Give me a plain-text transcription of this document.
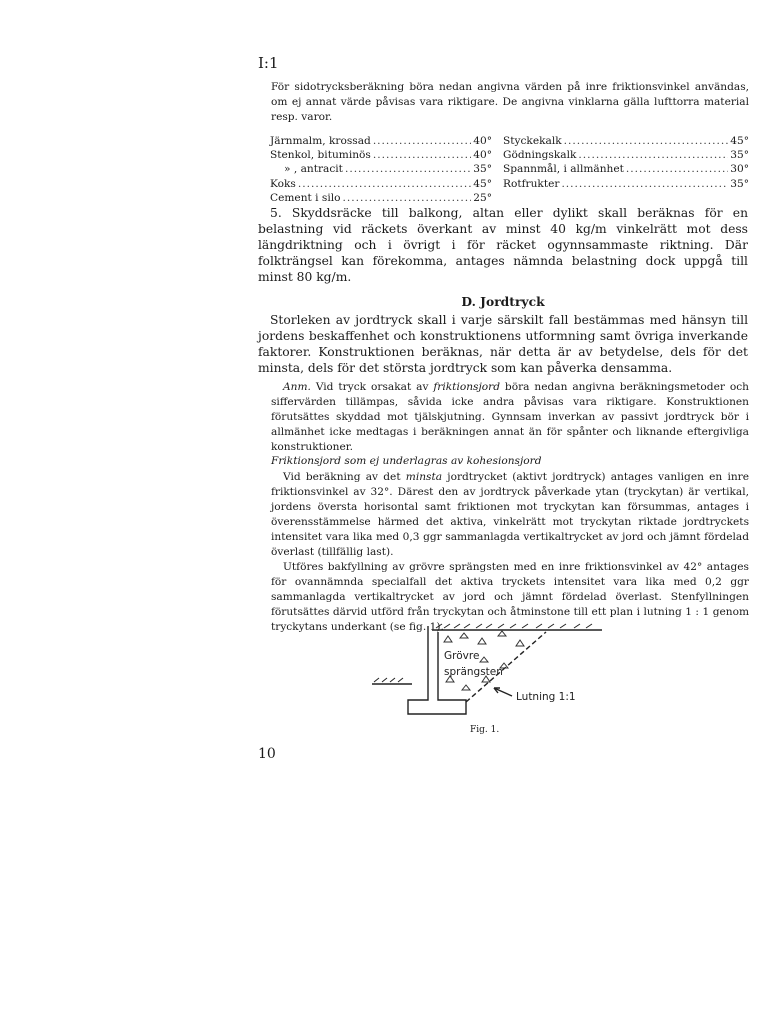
I:1

För sidotrycksberäkning böra nedan angivna värden på inre friktionsvinkel användas, om ej annat värde påvisas vara riktigare. De angivna vinklarna gälla lufttorra material resp. varor.

Järnmalm, krossad .....	40°
Stenkol, bituminös .....	40°
» , antracit .....	35°
Koks .....	45°
Cement i silo .....	25°
Styckekalk .....	45°
Gödningskalk .....	35°
Spannmål, i allmänhet .....	30°
Rotfrukter .....	35°

5. Skyddsräcke till balkong, altan eller dylikt skall beräknas för en belastning vid räckets överkant av minst 40 kg/m vinkelrätt mot dess längdriktning och i övrigt i för räcket ogynnsammaste riktning. Där folkträngsel kan förekomma, antages nämnda belastning dock uppgå till minst 80 kg/m.

D. Jordtryck

Storleken av jordtryck skall i varje särskilt fall bestämmas med hänsyn till jordens beskaffenhet och konstruktionens utformning samt övriga inverkande faktorer. Konstruktionen beräknas, när detta är av betydelse, dels för det minsta, dels för det största jordtryck som kan påverka densamma.

Anm. Vid tryck orsakat av friktionsjord böra nedan angivna beräkningsmetoder och siffervärden tillämpas, såvida icke andra påvisas vara riktigare. Konstruktionen förutsättes skyddad mot tjälskjutning. Gynnsam inverkan av passivt jordtryck bör i allmänhet icke medtagas i beräkningen annat än för spånter och liknande eftergivliga konstruktioner.

Friktionsjord som ej underlagras av kohesionsjord

Vid beräkning av det minsta jordtrycket (aktivt jordtryck) antages vanligen en inre friktionsvinkel av 32°. Därest den av jordtryck påverkade ytan (tryckytan) är vertikal, jordens översta horisontal samt friktionen mot tryckytan kan försummas, antages i överensstämmelse härmed det aktiva, vinkelrätt mot tryckytan riktade jordtryckets intensitet vara lika med 0,3 ggr sammanlagda vertikaltrycket av jord och jämnt fördelad överlast (tillfällig last).

Utföres bakfyllning av grövre sprängsten med en inre friktionsvinkel av 42° antages för ovannämnda specialfall det aktiva tryckets intensitet vara lika med 0,2 ggr sammanlagda vertikaltrycket av jord och jämnt fördelad överlast. Stenfyllningen förutsättes därvid utförd från tryckytan och åtminstone till ett plan i lutning 1 : 1 genom tryckytans underkant (se fig. 1).

Grövre
sprängsten
Lutning 1:1
Fig. 1.
10
